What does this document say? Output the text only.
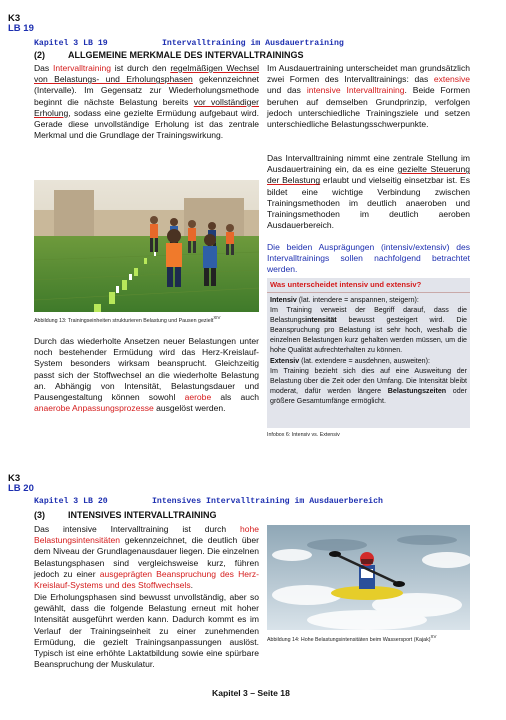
K3
LB 19
Kapitel 3 LB 19	Intervalltraining im Ausdauertraining
(2)	ALLGEMEINE MERKMALE DES INTERVALLTRAININGS

Das Intervalltraining ist durch den regelmäßigen Wechsel von Belastungs- und Erholungsphasen gekennzeichnet (Intervalle). Im Gegensatz zur Wiederholungsmethode beginnt die nächste Belastung bereits vor vollständiger Erholung, sodass eine gezielte Ermüdung aufgebaut wird. Gerade diese unvollständige Erholung ist das zentrale Merkmal und die Grundlage der Trainingswirkung.

Abbildung 13: Trainingseinheiten strukturieren Belastung und Pausen gezielt$^{XIV}$

Durch das wiederholte Ansetzen neuer Belastungen unter noch bestehender Ermüdung wird das Herz-Kreislauf-System besonders wirksam beansprucht. Gleichzeitig passt sich der Stoffwechsel an die wiederholte Belastung an. Abhängig von Intensität, Belastungsdauer und Pausengestaltung können sowohl aerobe als auch anaerobe Anpassungsprozesse ausgelöst werden.

Im Ausdauertraining unterscheidet man grundsätzlich zwei Formen des Intervalltrainings: das extensive und das intensive Intervalltraining. Beide Formen beruhen auf demselben Grundprinzip, verfolgen jedoch unterschiedliche Trainingsziele und setzen unterschiedliche Belastungsschwerpunkte.

Das Intervalltraining nimmt eine zentrale Stellung im Ausdauertraining ein, da es eine gezielte Steuerung der Belastung erlaubt und vielseitig einsetzbar ist. Es bildet eine wichtige Verbindung zwischen Trainingsmethoden im deutlich anaeroben und Trainingsmethoden im deutlich aeroben Ausdauerbereich.

Die beiden Ausprägungen (intensiv/extensiv) des Intervalltrainings sollen nachfolgend betrachtet werden.
Was unterscheidet intensiv und extensiv?
Intensiv (lat. intendere = anspannen, steigern):
Im Training verweist der Begriff darauf, dass die Belastungsintensität bewusst gesteigert wird. Die Beanspruchung pro Belastung ist sehr hoch, weshalb die einzelnen Belastungen kurz gehalten werden müssen, um die hohe Qualität aufrechterhalten zu können.
Extensiv (lat. extendere = ausdehnen, ausweiten):
Im Training bezieht sich dies auf eine Ausweitung der Belastung über die Zeit oder den Umfang. Die Intensität bleibt moderat, dafür werden längere Belastungszeiten oder größere Gesamtumfänge ermöglicht.
Infobox 6: Intensiv vs. Extensiv
K3
LB 20
Kapitel 3 LB 20	Intensives Intervalltraining im Ausdauerbereich
(3)	INTENSIVES INTERVALLTRAINING

Das intensive Intervalltraining ist durch hohe Belastungsintensitäten gekennzeichnet, die deutlich über dem Niveau der Grundlagenausdauer liegen. Die einzelnen Belastungsphasen sind vergleichsweise kurz, führen jedoch zu einer ausgeprägten Beanspruchung des Herz-Kreislauf-Systems und des Stoffwechsels.

Die Erholungsphasen sind bewusst unvollständig, aber so gewählt, dass die folgende Belastung erneut mit hoher Intensität ausgeführt werden kann. Dadurch kommt es im Verlauf der Trainingseinheit zu einer zunehmenden Ermüdung, die gezielt Trainingsanpassungen auslöst. Typisch ist eine erhöhte Laktatbildung sowie eine spürbare Beanspruchung der Muskulatur.
Abbildung 14: Hohe Belastungsintensitäten beim Wassersport (Kajak)$^{XV}$
Kapitel 3 – Seite 18
